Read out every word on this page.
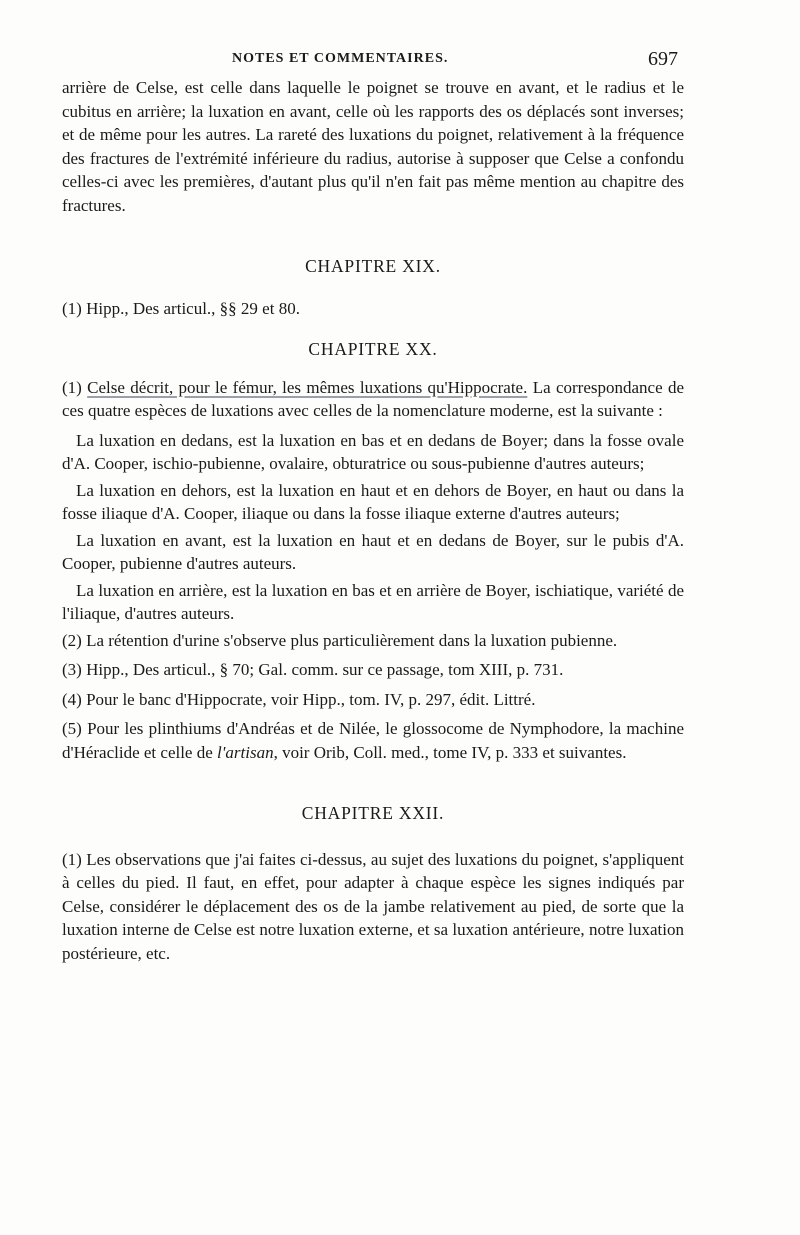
NOTES ET COMMENTAIRES.	697

arrière de Celse, est celle dans laquelle le poignet se trouve en avant, et le radius et le cubitus en arrière; la luxation en avant, celle où les rapports des os déplacés sont inverses; et de même pour les autres. La rareté des luxations du poignet, relativement à la fréquence des fractures de l'extrémité inférieure du radius, autorise à supposer que Celse a confondu celles-ci avec les premières, d'autant plus qu'il n'en fait pas même mention au chapitre des fractures.

CHAPITRE XIX.

(1) Hipp., Des articul., §§ 29 et 80.

CHAPITRE XX.

(1) Celse décrit, pour le fémur, les mêmes luxations qu'Hippocrate. La correspondance de ces quatre espèces de luxations avec celles de la nomenclature moderne, est la suivante :

La luxation en dedans, est la luxation en bas et en dedans de Boyer; dans la fosse ovale d'A. Cooper, ischio-pubienne, ovalaire, obturatrice ou sous-pubienne d'autres auteurs;

La luxation en dehors, est la luxation en haut et en dehors de Boyer, en haut ou dans la fosse iliaque d'A. Cooper, iliaque ou dans la fosse iliaque externe d'autres auteurs;

La luxation en avant, est la luxation en haut et en dedans de Boyer, sur le pubis d'A. Cooper, pubienne d'autres auteurs.

La luxation en arrière, est la luxation en bas et en arrière de Boyer, ischiatique, variété de l'iliaque, d'autres auteurs.

(2) La rétention d'urine s'observe plus particulièrement dans la luxation pubienne.

(3) Hipp., Des articul., § 70; Gal. comm. sur ce passage, tom XIII, p. 731.

(4) Pour le banc d'Hippocrate, voir Hipp., tom. IV, p. 297, édit. Littré.

(5) Pour les plinthiums d'Andréas et de Nilée, le glossocome de Nymphodore, la machine d'Héraclide et celle de l'artisan, voir Orib, Coll. med., tome IV, p. 333 et suivantes.

CHAPITRE XXII.

(1) Les observations que j'ai faites ci-dessus, au sujet des luxations du poignet, s'appliquent à celles du pied. Il faut, en effet, pour adapter à chaque espèce les signes indiqués par Celse, considérer le déplacement des os de la jambe relativement au pied, de sorte que la luxation interne de Celse est notre luxation externe, et sa luxation antérieure, notre luxation postérieure, etc.
